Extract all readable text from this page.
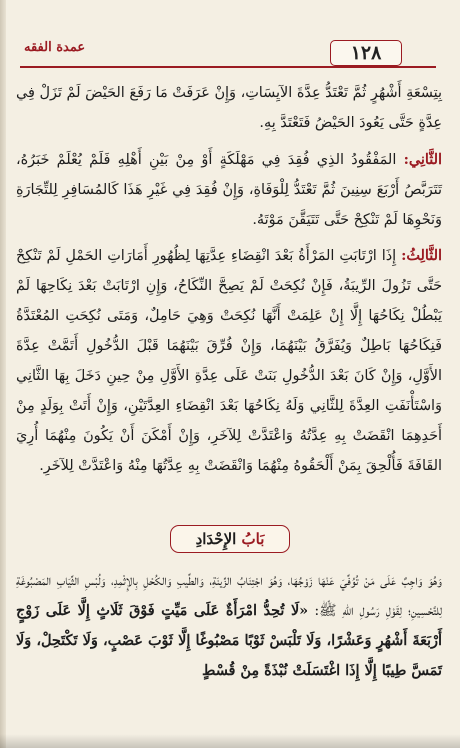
عمدة الفقه	١٢٨

بِتِسْعَةِ أَشْهُرٍ ثُمَّ تَعْتَدُّ عِدَّةَ الآيِسَاتِ، وَإِنْ عَرَفَتْ مَا رَفَعَ الحَيْضَ لَمْ تَزَلْ فِي عِدَّةٍ حَتَّى يَعُودَ الحَيْضُ فَتَعْتَدَّ بِهِ.

الثَّانِي: المَفْقُودُ الذِي فُقِدَ فِي مَهْلَكَةٍ أَوْ مِنْ بَيْنِ أَهْلِهِ فَلَمْ يُعْلَمْ خَبَرُهُ، تَتَرَبَّصُ أَرْبَعَ سِنِينَ ثُمَّ تَعْتَدُّ لِلْوَفَاةِ، وَإِنْ فُقِدَ فِي غَيْرِ هَذَا كَالمُسَافِرِ لِلتِّجَارَةِ وَنَحْوِهَا لَمْ تَنْكِحْ حَتَّى تَتَيَقَّنَ مَوْتَهُ.

الثَّالِثُ: إِذَا ارْتَابَتِ المَرْأَةُ بَعْدَ انْقِضَاءِ عِدَّتِهَا لِظُهُورِ أَمَارَاتِ الحَمْلِ لَمْ تَنْكِحْ حَتَّى تَزُولَ الرِّيبَةُ، فَإِنْ نُكِحَتْ لَمْ يَصِحَّ النِّكَاحُ، وَإِنِ ارْتَابَتْ بَعْدَ نِكَاحِهَا لَمْ يَبْطُلْ نِكَاحُهَا إِلَّا إِنْ عَلِمَتْ أَنَّهَا نُكِحَتْ وَهِيَ حَامِلٌ، وَمَتَى نُكِحَتِ المُعْتَدَّةُ فَنِكَاحُهَا بَاطِلٌ وَيُفَرَّقُ بَيْنَهُمَا، وَإِنْ فُرِّقَ بَيْنَهُمَا قَبْلَ الدُّخُولِ أَتَمَّتْ عِدَّةَ الأَوَّلِ، وَإِنْ كَانَ بَعْدَ الدُّخُولِ بَنَتْ عَلَى عِدَّةِ الأَوَّلِ مِنْ حِينِ دَخَلَ بِهَا الثَّانِي وَاسْتَأْنَفَتِ العِدَّةَ لِلثَّانِي وَلَهُ نِكَاحُهَا بَعْدَ انْقِضَاءِ العِدَّتَيْنِ، وَإِنْ أَتَتْ بِوَلَدٍ مِنْ أَحَدِهِمَا انْقَضَتْ بِهِ عِدَّتُهُ وَاعْتَدَّتْ لِلآخَرِ، وَإِنْ أَمْكَنَ أَنْ يَكُونَ مِنْهُمَا أُرِيَ القَافَةَ فَأُلْحِقَ بِمَنْ أَلْحَقُوهُ مِنْهُمَا وَانْقَضَتْ بِهِ عِدَّتُهَا مِنْهُ وَاعْتَدَّتْ لِلآخَرِ.

بَابُ الإِحْدَادِ

وَهُوَ وَاجِبٌ عَلَى مَنْ تُوُفِّيَ عَنْهَا زَوْجُهَا، وَهُوَ اجْتِنَابُ الزِّينَةِ، وَالطِّيبِ وَالكُحْلِ بِالإِثْمِدِ، وَلُبْسِ الثِّيَابِ المَصْبُوغَةِ لِلتَّحْسِينِ؛ لِقَوْلِ رَسُولِ اللهِ ﷺ: «لَا تُحِدُّ امْرَأَةٌ عَلَى مَيِّتٍ فَوْقَ ثَلَاثٍ إِلَّا عَلَى زَوْجٍ أَرْبَعَةَ أَشْهُرٍ وَعَشْرًا، وَلَا تَلْبَسْ ثَوْبًا مَصْبُوغًا إِلَّا ثَوْبَ عَصْبٍ، وَلَا تَكْتَحِلْ، وَلَا تَمَسَّ طِيبًا إِلَّا إِذَا اغْتَسَلَتْ نُبْذَةً مِنْ قُسْطٍ
